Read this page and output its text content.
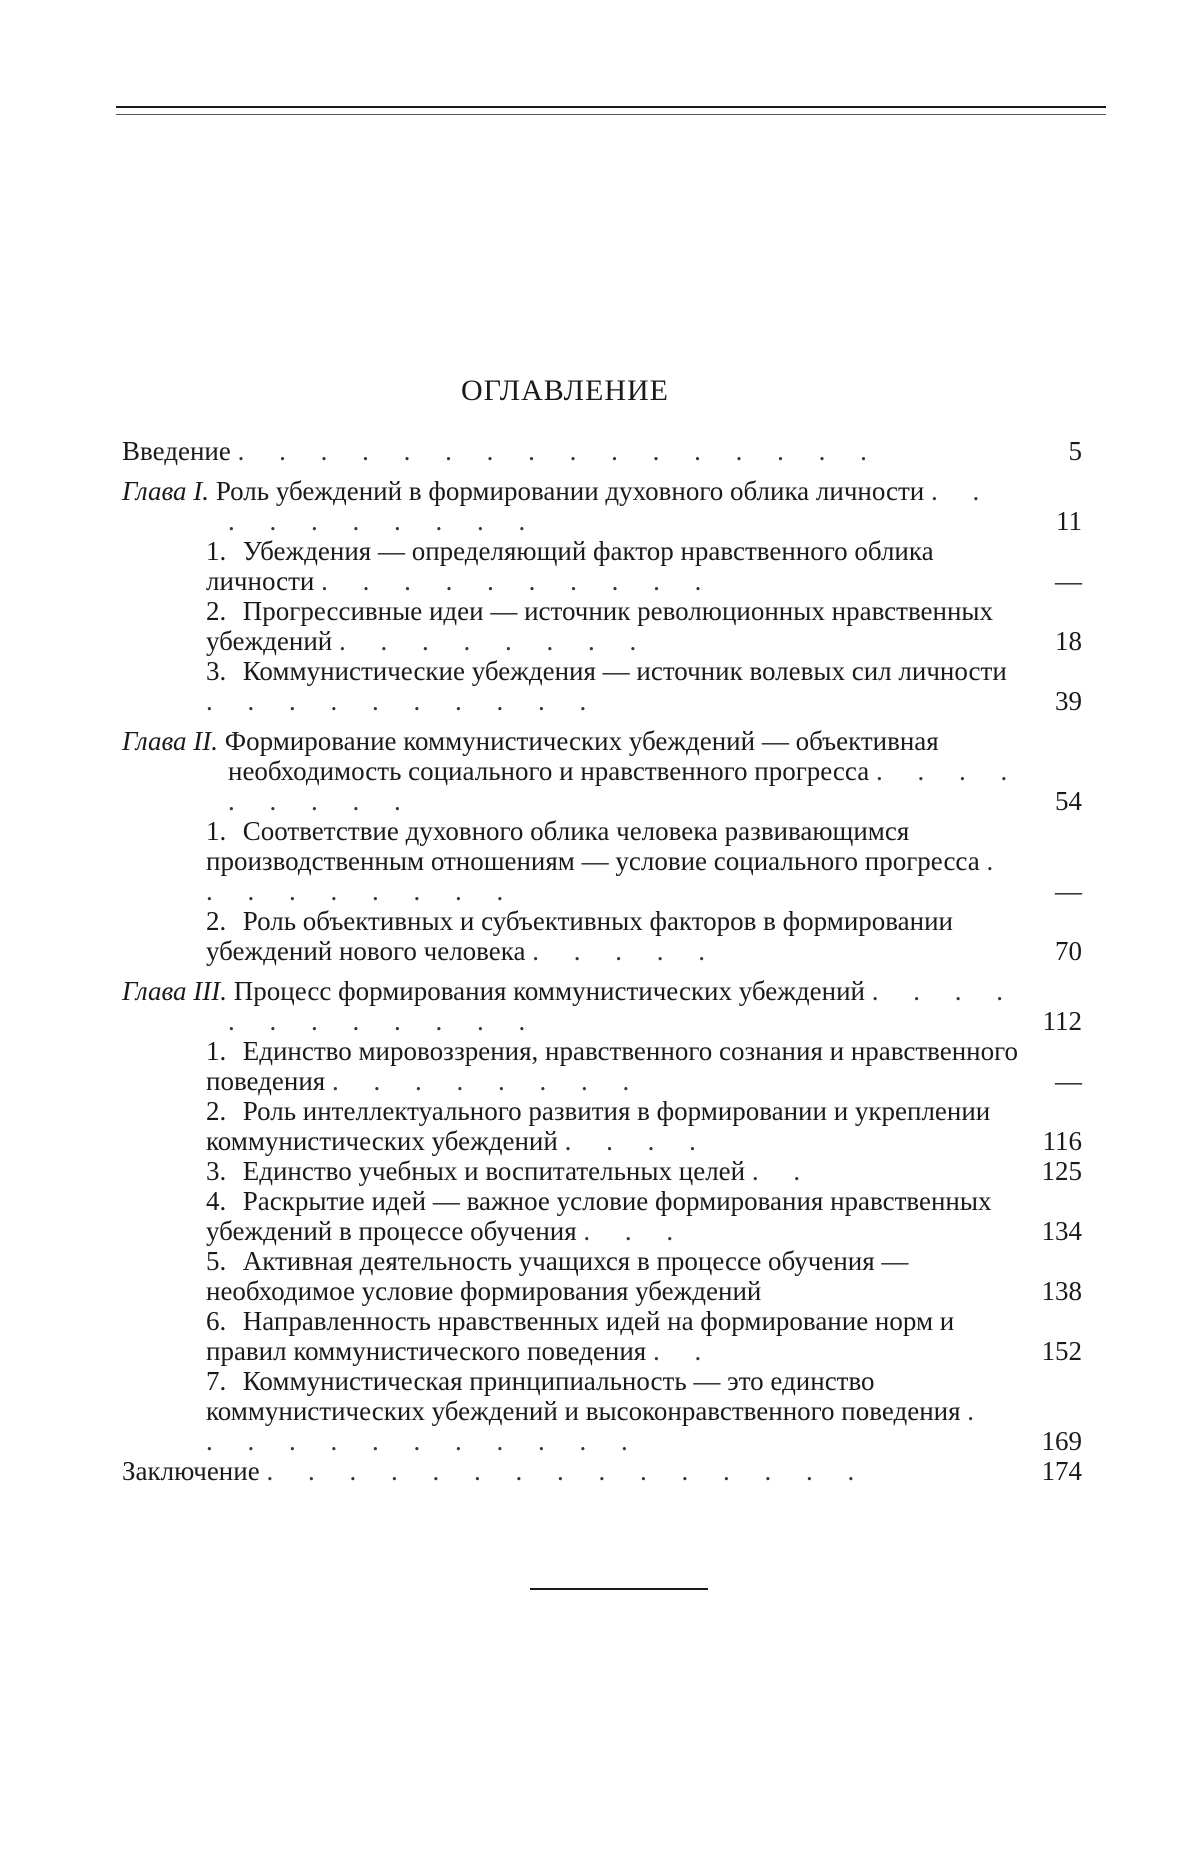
ОГЛАВЛЕНИЕ
Введение . . . . . . . . . . . . . . . .	5
Глава I. Роль убеждений в формировании духовного облика личности . . . . . . . . . .	11
1. Убеждения — определяющий фактор нравственного облика личности . . . . . . . . . .	—
2. Прогрессивные идеи — источник революционных нравственных убеждений . . . . . . . .	18
3. Коммунистические убеждения — источник волевых сил личности . . . . . . . . . .	39
Глава II. Формирование коммунистических убеждений — объективная необходимость социального и нравственного прогресса . . . . . . . . .	54
1. Соответствие духовного облика человека развивающимся производственным отношениям — условие социального прогресса . . . . . . . . .	—
2. Роль объективных и субъективных факторов в формировании убеждений нового человека . . . . .	70
Глава III. Процесс формирования коммунистических убеждений . . . . . . . . . . . .	112
1. Единство мировоззрения, нравственного сознания и нравственного поведения . . . . . . . .	—
2. Роль интеллектуального развития в формировании и укреплении коммунистических убеждений . . . .	116
3. Единство учебных и воспитательных целей . .	125
4. Раскрытие идей — важное условие формирования нравственных убеждений в процессе обучения . . .	134
5. Активная деятельность учащихся в процессе обучения — необходимое условие формирования убеждений	138
6. Направленность нравственных идей на формирование норм и правил коммунистического поведения . .	152
7. Коммунистическая принципиальность — это единство коммунистических убеждений и высоконравственного поведения . . . . . . . . . . . .	169
Заключение . . . . . . . . . . . . . . .	174
